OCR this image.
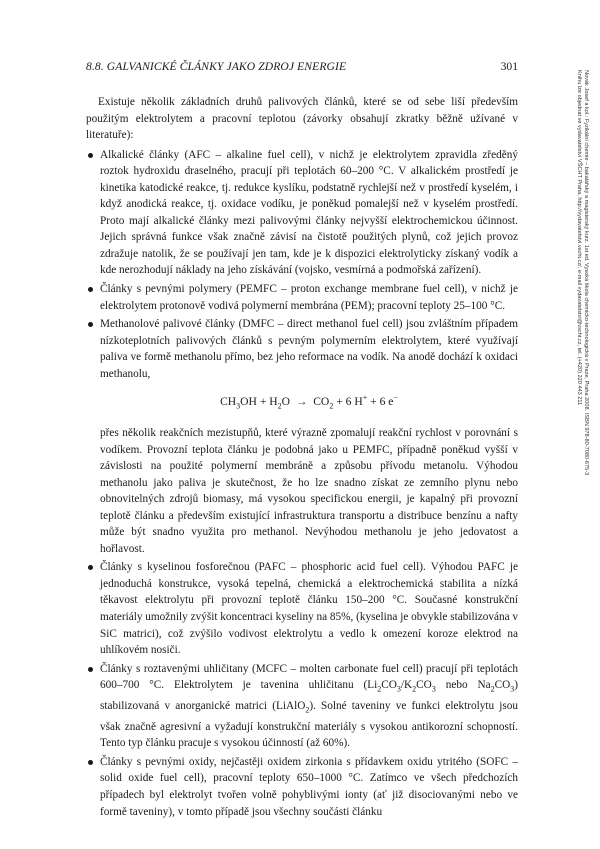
8.8. GALVANICKÉ ČLÁNKY JAKO ZDROJ ENERGIE	301

Existuje několik základních druhů palivových článků, které se od sebe liší především použitým elektrolytem a pracovní teplotou (závorky obsahují zkratky běžně užívané v literatuře):

Alkalické články (AFC – alkaline fuel cell), v nichž je elektrolytem zpravidla zředěný roztok hydroxidu draselného, pracují při teplotách 60–200 °C. V alkalickém prostředí je kinetika katodické reakce, tj. redukce kyslíku, podstatně rychlejší než v prostředí kyselém, i když anodická reakce, tj. oxidace vodíku, je poněkud pomalejší než v kyselém prostředí. Proto mají alkalické články mezi palivovými články nejvyšší elektrochemickou účinnost. Jejich správná funkce však značně závisí na čistotě použitých plynů, což jejich provoz zdražuje natolik, že se používají jen tam, kde je k dispozici elektrolyticky získaný vodík a kde nerozhodují náklady na jeho získávání (vojsko, vesmírná a podmořská zařízení).
Články s pevnými polymery (PEMFC – proton exchange membrane fuel cell), v nichž je elektrolytem protonově vodivá polymerní membrána (PEM); pracovní teploty 25–100 °C.
Methanolové palivové články (DMFC – direct methanol fuel cell) jsou zvláštním případem nízkoteplotních palivových článků s pevným polymerním elektrolytem, které využívají paliva ve formě methanolu přímo, bez jeho reformace na vodík. Na anodě dochází k oxidaci methanolu,
$CH_3OH + H_2O \to CO_2 + 6$ H+ + 6 e−
přes několik reakčních mezistupňů, které výrazně zpomalují reakční rychlost v porovnání s vodíkem. Provozní teplota článku je podobná jako u PEMFC, případně poněkud vyšší v závislosti na použité polymerní membráně a způsobu přívodu metanolu. Výhodou methanolu jako paliva je skutečnost, že ho lze snadno získat ze zemního plynu nebo obnovitelných zdrojů biomasy, má vysokou specifickou energii, je kapalný při provozní teplotě článku a především existující infrastruktura transportu a distribuce benzínu a nafty může být snadno využita pro methanol. Nevýhodou methanolu je jeho jedovatost a hořlavost.
Články s kyselinou fosforečnou (PAFC – phosphoric acid fuel cell). Výhodou PAFC je jednoduchá konstrukce, vysoká tepelná, chemická a elektrochemická stabilita a nízká těkavost elektrolytu při provozní teplotě článku 150–200 °C. Současné konstrukční materiály umožnily zvýšit koncentraci kyseliny na 85%, (kyselina je obvykle stabilizována v SiC matrici), což zvýšilo vodivost elektrolytu a vedlo k omezení koroze elektrod na uhlíkovém nosiči.
Články s roztavenými uhličitany (MCFC – molten carbonate fuel cell) pracují při teplotách 600–700 °C. Elektrolytem je tavenina uhličitanu ($Li_2CO_3/K_2CO_3$ nebo $Na_2CO_3$) stabilizovaná v anorganické matrici (LiAlO$_2$). Solné taveniny ve funkci elektrolytu jsou však značně agresivní a vyžadují konstrukční materiály s vysokou antikorozní schopností. Tento typ článku pracuje s vysokou účinností (až 60%).
Články s pevnými oxidy, nejčastěji oxidem zirkonia s přídavkem oxidu ytritého (SOFC – solid oxide fuel cell), pracovní teploty 650–1000 °C. Zatímco ve všech předchozích případech byl elektrolyt tvořen volně pohyblivými ionty (ať již disociovanými nebo ve formě taveniny), v tomto případě jsou všechny součásti článku
Novák Josef a kol.: Fyzikální chemie – bakalářský a magisterský kurz. 1st ed. Vysoká škola chemicko-technologická v Praze, Praha 2008. ISBN 978-80-7080-675-3
Knihu lze objednat ve vydavatelství VŠCHT Praha, http://vydavatelstvi.vscht.cz/, e-mail vydavatelstvi@vscht.cz, tel. (+420) 220 443 211
